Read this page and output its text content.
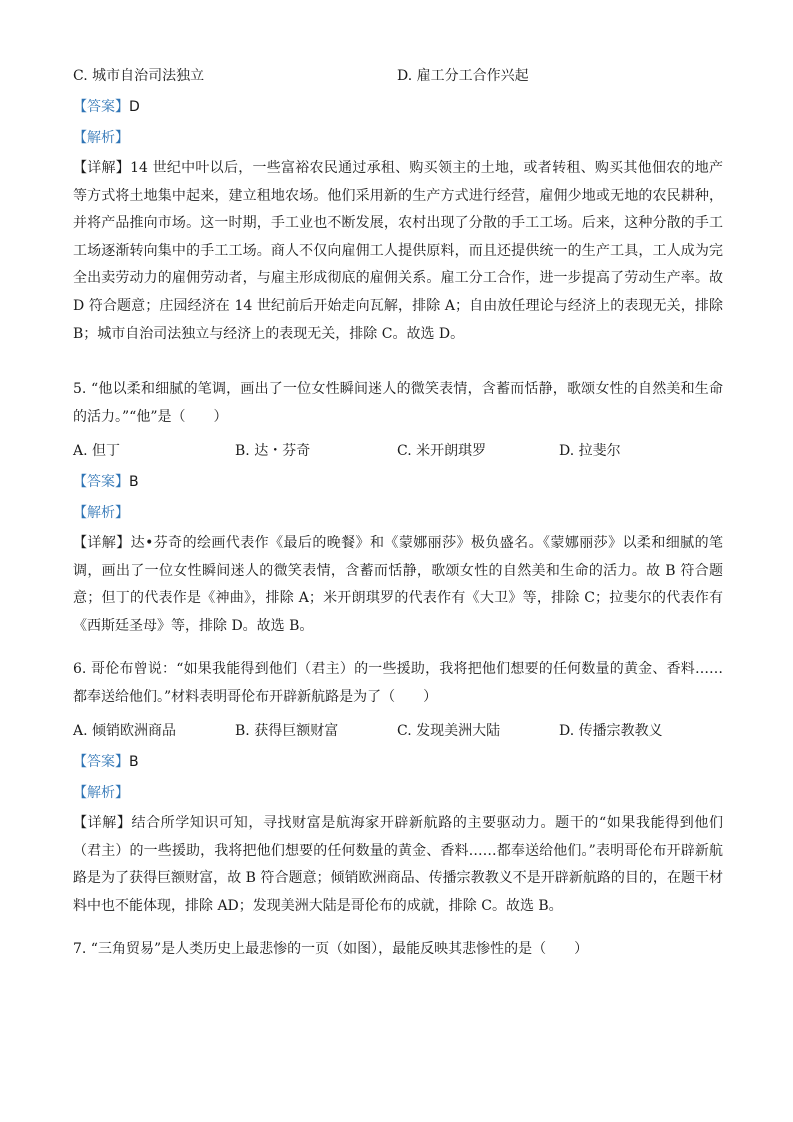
C. 城市自治司法独立	D. 雇工分工合作兴起
【答案】D
【解析】
【详解】14 世纪中叶以后，一些富裕农民通过承租、购买领主的土地，或者转租、购买其他佃农的地产等方式将土地集中起来，建立租地农场。他们采用新的生产方式进行经营，雇佣少地或无地的农民耕种，并将产品推向市场。这一时期，手工业也不断发展，农村出现了分散的手工工场。后来，这种分散的手工工场逐渐转向集中的手工工场。商人不仅向雇佣工人提供原料，而且还提供统一的生产工具，工人成为完全出卖劳动力的雇佣劳动者，与雇主形成彻底的雇佣关系。雇工分工合作，进一步提高了劳动生产率。故 D 符合题意；庄园经济在 14 世纪前后开始走向瓦解，排除 A；自由放任理论与经济上的表现无关，排除 B；城市自治司法独立与经济上的表现无关，排除 C。故选 D。
5. “他以柔和细腻的笔调，画出了一位女性瞬间迷人的微笑表情，含蓄而恬静，歌颂女性的自然美和生命的活力。”“他”是（　　）
A. 但丁	B. 达・芬奇	C. 米开朗琪罗	D. 拉斐尔
【答案】B
【解析】
【详解】达•芬奇的绘画代表作《最后的晚餐》和《蒙娜丽莎》极负盛名。《蒙娜丽莎》以柔和细腻的笔调，画出了一位女性瞬间迷人的微笑表情，含蓄而恬静，歌颂女性的自然美和生命的活力。故 B 符合题意；但丁的代表作是《神曲》，排除 A；米开朗琪罗的代表作有《大卫》等，排除 C；拉斐尔的代表作有《西斯廷圣母》等，排除 D。故选 B。
6. 哥伦布曾说：“如果我能得到他们（君主）的一些援助，我将把他们想要的任何数量的黄金、香料……都奉送给他们。”材料表明哥伦布开辟新航路是为了（　　）
A. 倾销欧洲商品	B. 获得巨额财富	C. 发现美洲大陆	D. 传播宗教教义
【答案】B
【解析】
【详解】结合所学知识可知，寻找财富是航海家开辟新航路的主要驱动力。题干的“如果我能得到他们（君主）的一些援助，我将把他们想要的任何数量的黄金、香料……都奉送给他们。”表明哥伦布开辟新航路是为了获得巨额财富，故 B 符合题意；倾销欧洲商品、传播宗教教义不是开辟新航路的目的，在题干材料中也不能体现，排除 AD；发现美洲大陆是哥伦布的成就，排除 C。故选 B。
7. “三角贸易”是人类历史上最悲惨的一页（如图），最能反映其悲惨性的是（　　）
